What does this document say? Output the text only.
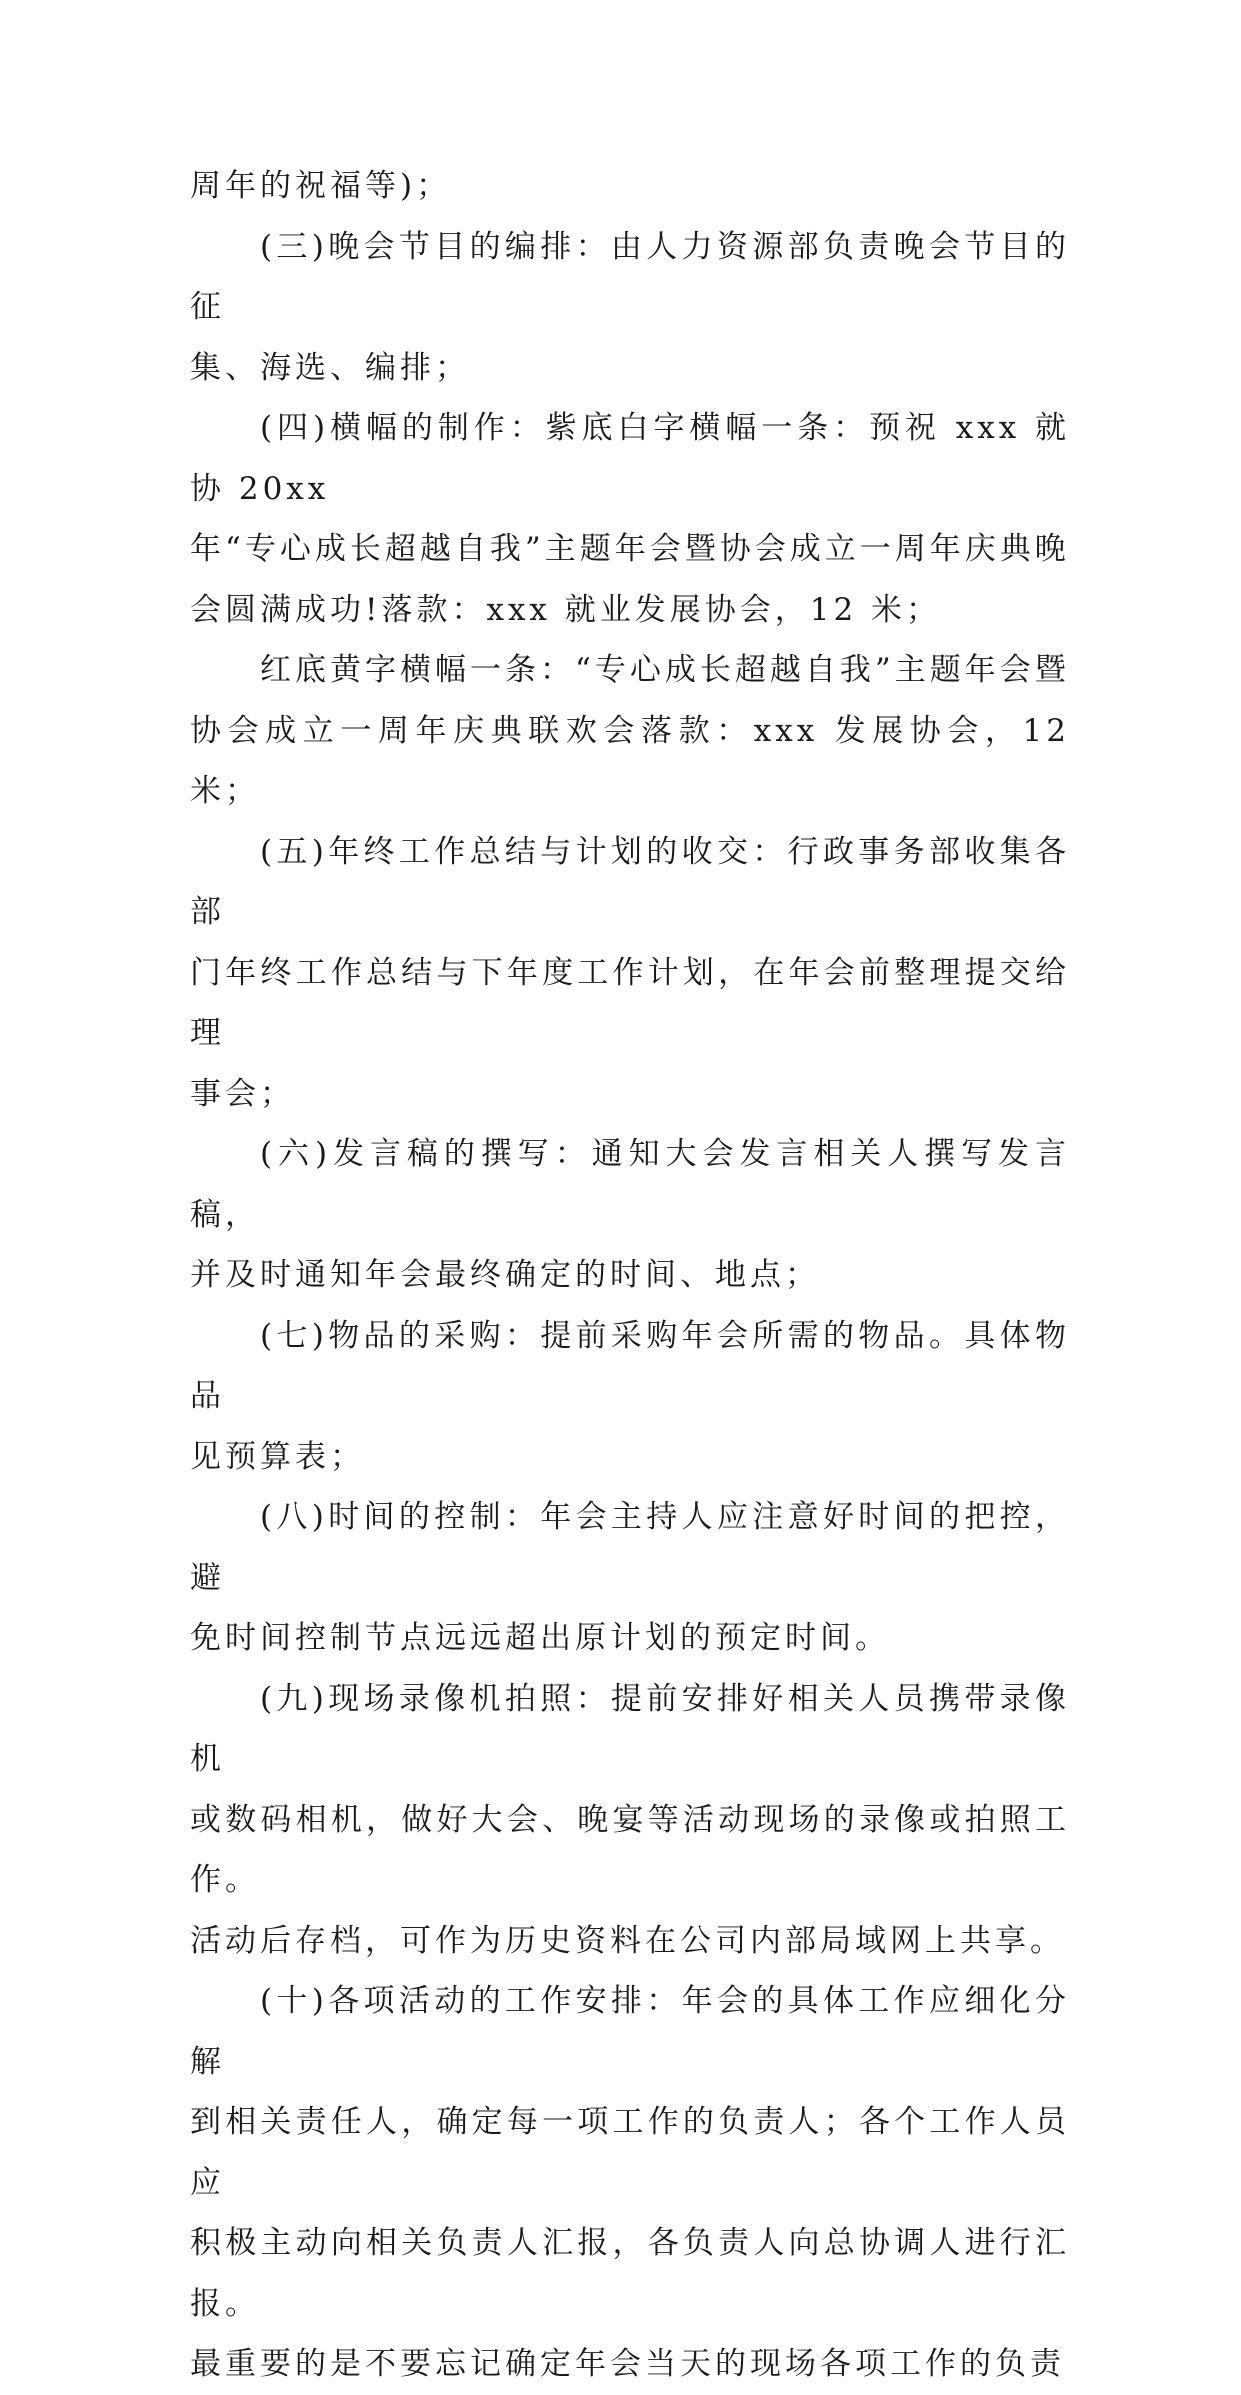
周年的祝福等)；
(三)晚会节目的编排：由人力资源部负责晚会节目的征
集、海选、编排；
(四)横幅的制作：紫底白字横幅一条：预祝 xxx 就协 20xx
年“专心成长超越自我”主题年会暨协会成立一周年庆典晚
会圆满成功!落款：xxx 就业发展协会，12 米；
红底黄字横幅一条：“专心成长超越自我”主题年会暨
协会成立一周年庆典联欢会落款：xxx 发展协会，12 米；
(五)年终工作总结与计划的收交：行政事务部收集各部
门年终工作总结与下年度工作计划，在年会前整理提交给理
事会；
(六)发言稿的撰写：通知大会发言相关人撰写发言稿，
并及时通知年会最终确定的时间、地点；
(七)物品的采购：提前采购年会所需的物品。具体物品
见预算表；
(八)时间的控制：年会主持人应注意好时间的把控，避
免时间控制节点远远超出原计划的预定时间。
(九)现场录像机拍照：提前安排好相关人员携带录像机
或数码相机，做好大会、晚宴等活动现场的录像或拍照工作。
活动后存档，可作为历史资料在公司内部局域网上共享。
(十)各项活动的工作安排：年会的具体工作应细化分解
到相关责任人，确定每一项工作的负责人；各个工作人员应
积极主动向相关负责人汇报，各负责人向总协调人进行汇报。
最重要的是不要忘记确定年会当天的现场各项工作的负责
